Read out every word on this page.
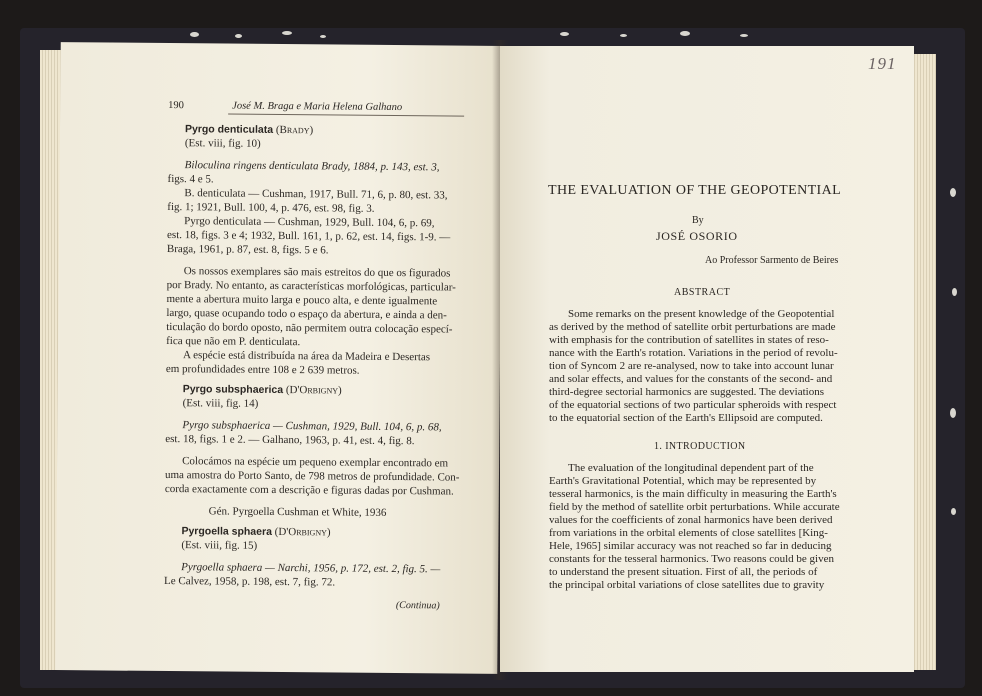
190	José M. Braga e Maria Helena Galhano
Pyrgo denticulata (Brady)
(Est. viii, fig. 10)
Biloculina ringens denticulata Brady, 1884, p. 143, est. 3,
figs. 4 e 5.
B. denticulata — Cushman, 1917, Bull. 71, 6, p. 80, est. 33,
fig. 1; 1921, Bull. 100, 4, p. 476, est. 98, fig. 3.
Pyrgo denticulata — Cushman, 1929, Bull. 104, 6, p. 69,
est. 18, figs. 3 e 4; 1932, Bull. 161, 1, p. 62, est. 14, figs. 1-9. —
Braga, 1961, p. 87, est. 8, figs. 5 e 6.
Os nossos exemplares são mais estreitos do que os figurados
por Brady. No entanto, as características morfológicas, particular-
mente a abertura muito larga e pouco alta, e dente igualmente
largo, quase ocupando todo o espaço da abertura, e ainda a den-
ticulação do bordo oposto, não permitem outra colocação especí-
fica que não em P. denticulata.
A espécie está distribuída na área da Madeira e Desertas
em profundidades entre 108 e 2 639 metros.
Pyrgo subsphaerica (D'Orbigny)
(Est. viii, fig. 14)
Pyrgo subsphaerica — Cushman, 1929, Bull. 104, 6, p. 68,
est. 18, figs. 1 e 2. — Galhano, 1963, p. 41, est. 4, fig. 8.
Colocámos na espécie um pequeno exemplar encontrado em
uma amostra do Porto Santo, de 798 metros de profundidade. Con-
corda exactamente com a descrição e figuras dadas por Cushman.
Gén. Pyrgoella Cushman et White, 1936
Pyrgoella sphaera (D'Orbigny)
(Est. viii, fig. 15)
Pyrgoella sphaera — Narchi, 1956, p. 172, est. 2, fig. 5. —
Le Calvez, 1958, p. 198, est. 7, fig. 72.
(Continua)
191
THE EVALUATION OF THE GEOPOTENTIAL
By
JOSÉ OSORIO
Ao Professor Sarmento de Beires
ABSTRACT
Some remarks on the present knowledge of the Geopotential
as derived by the method of satellite orbit perturbations are made
with emphasis for the contribution of satellites in states of reso-
nance with the Earth's rotation. Variations in the period of revolu-
tion of Syncom 2 are re-analysed, now to take into account lunar
and solar effects, and values for the constants of the second- and
third-degree sectorial harmonics are suggested. The deviations
of the equatorial sections of two particular spheroids with respect
to the equatorial section of the Earth's Ellipsoid are computed.
1. INTRODUCTION
The evaluation of the longitudinal dependent part of the
Earth's Gravitational Potential, which may be represented by
tesseral harmonics, is the main difficulty in measuring the Earth's
field by the method of satellite orbit perturbations. While accurate
values for the coefficients of zonal harmonics have been derived
from variations in the orbital elements of close satellites [King-
Hele, 1965] similar accuracy was not reached so far in deducing
constants for the tesseral harmonics. Two reasons could be given
to understand the present situation. First of all, the periods of
the principal orbital variations of close satellites due to gravity
